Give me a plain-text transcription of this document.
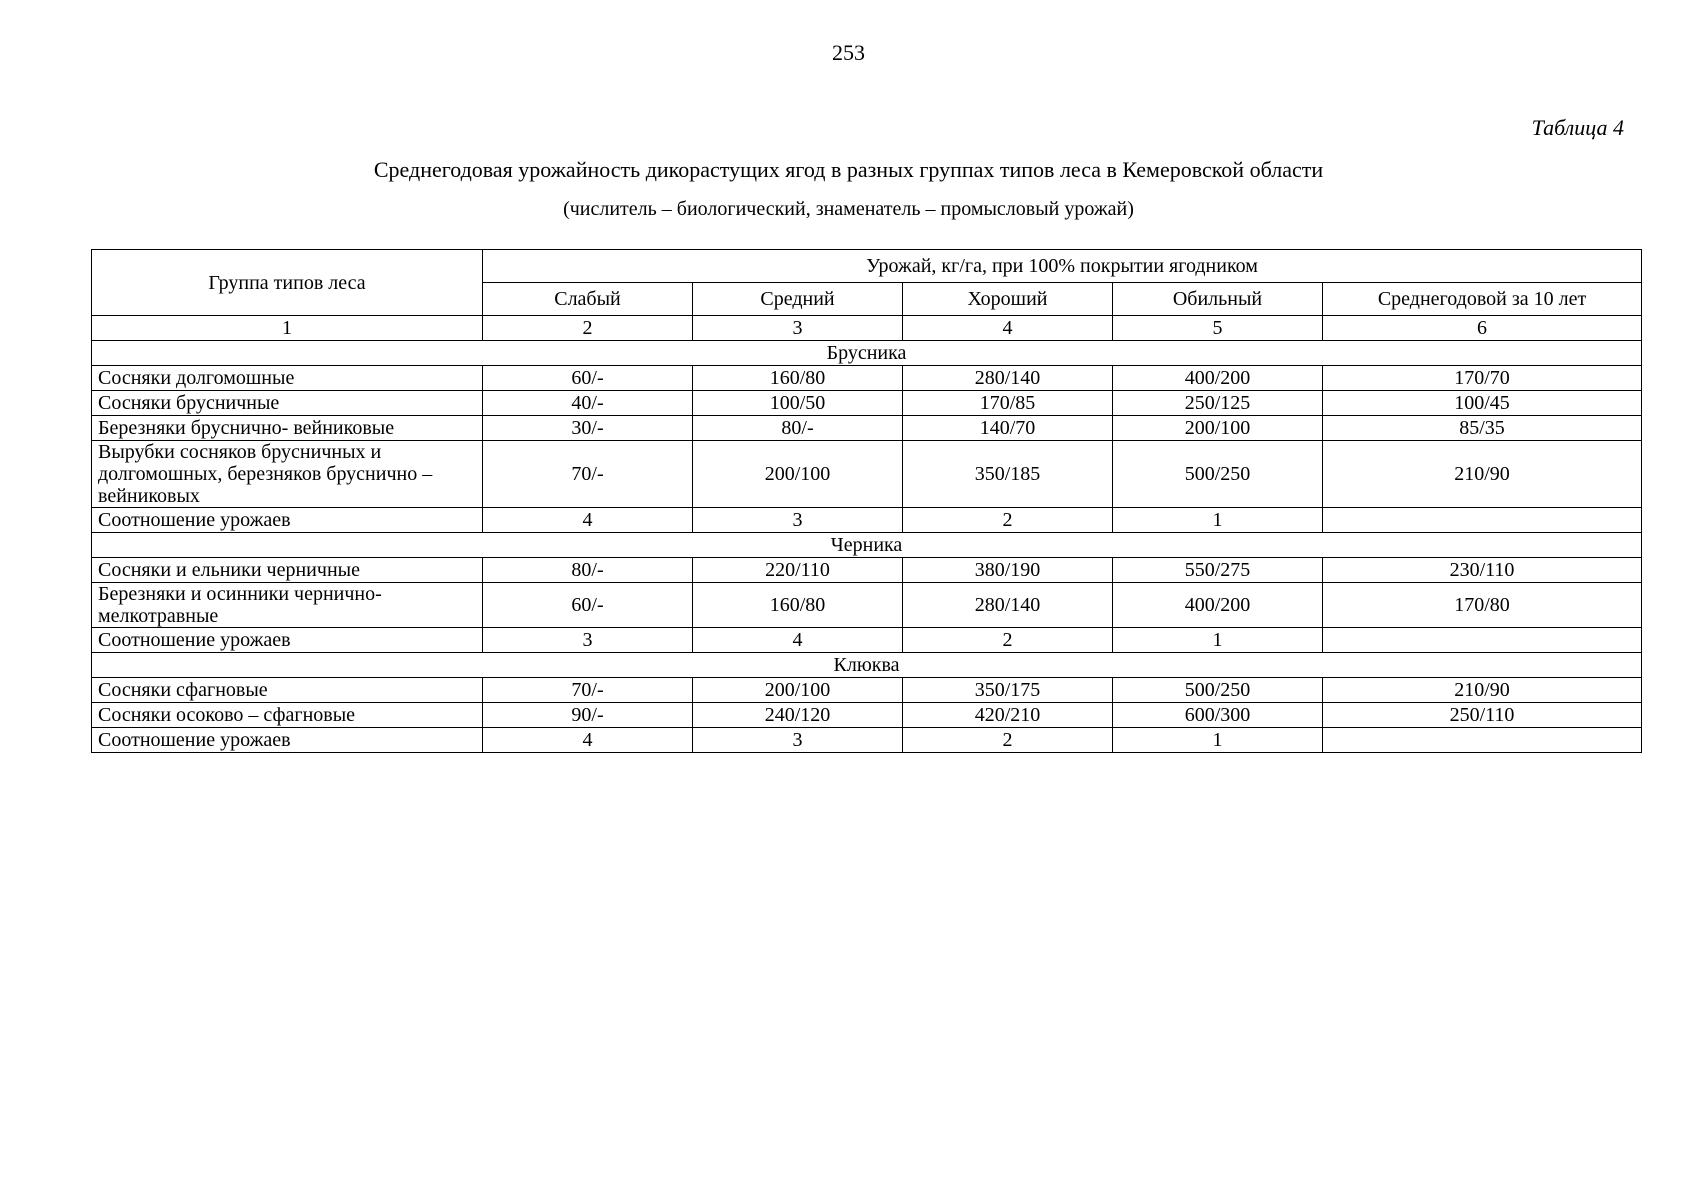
253
Таблица 4
Среднегодовая урожайность дикорастущих ягод в разных группах типов леса в Кемеровской области
(числитель – биологический, знаменатель – промысловый урожай)
Группа типов леса	Урожай, кг/га, при 100% покрытии ягодником				
	Слабый	Средний	Хороший	Обильный	Среднегодовой за 10 лет
1	2	3	4	5	6
Брусника					
Сосняки долгомошные	60/-	160/80	280/140	400/200	170/70
Сосняки брусничные	40/-	100/50	170/85	250/125	100/45
Березняки бруснично- вейниковые	30/-	80/-	140/70	200/100	85/35
Вырубки сосняков брусничных и долгомошных, березняков бруснично – вейниковых	70/-	200/100	350/185	500/250	210/90
Соотношение урожаев	4	3	2	1	
Черника					
Сосняки и ельники черничные	80/-	220/110	380/190	550/275	230/110
Березняки и осинники чернично-мелкотравные	60/-	160/80	280/140	400/200	170/80
Соотношение урожаев	3	4	2	1	
Клюква					
Сосняки сфагновые	70/-	200/100	350/175	500/250	210/90
Сосняки осоково – сфагновые	90/-	240/120	420/210	600/300	250/110
Соотношение урожаев	4	3	2	1	
